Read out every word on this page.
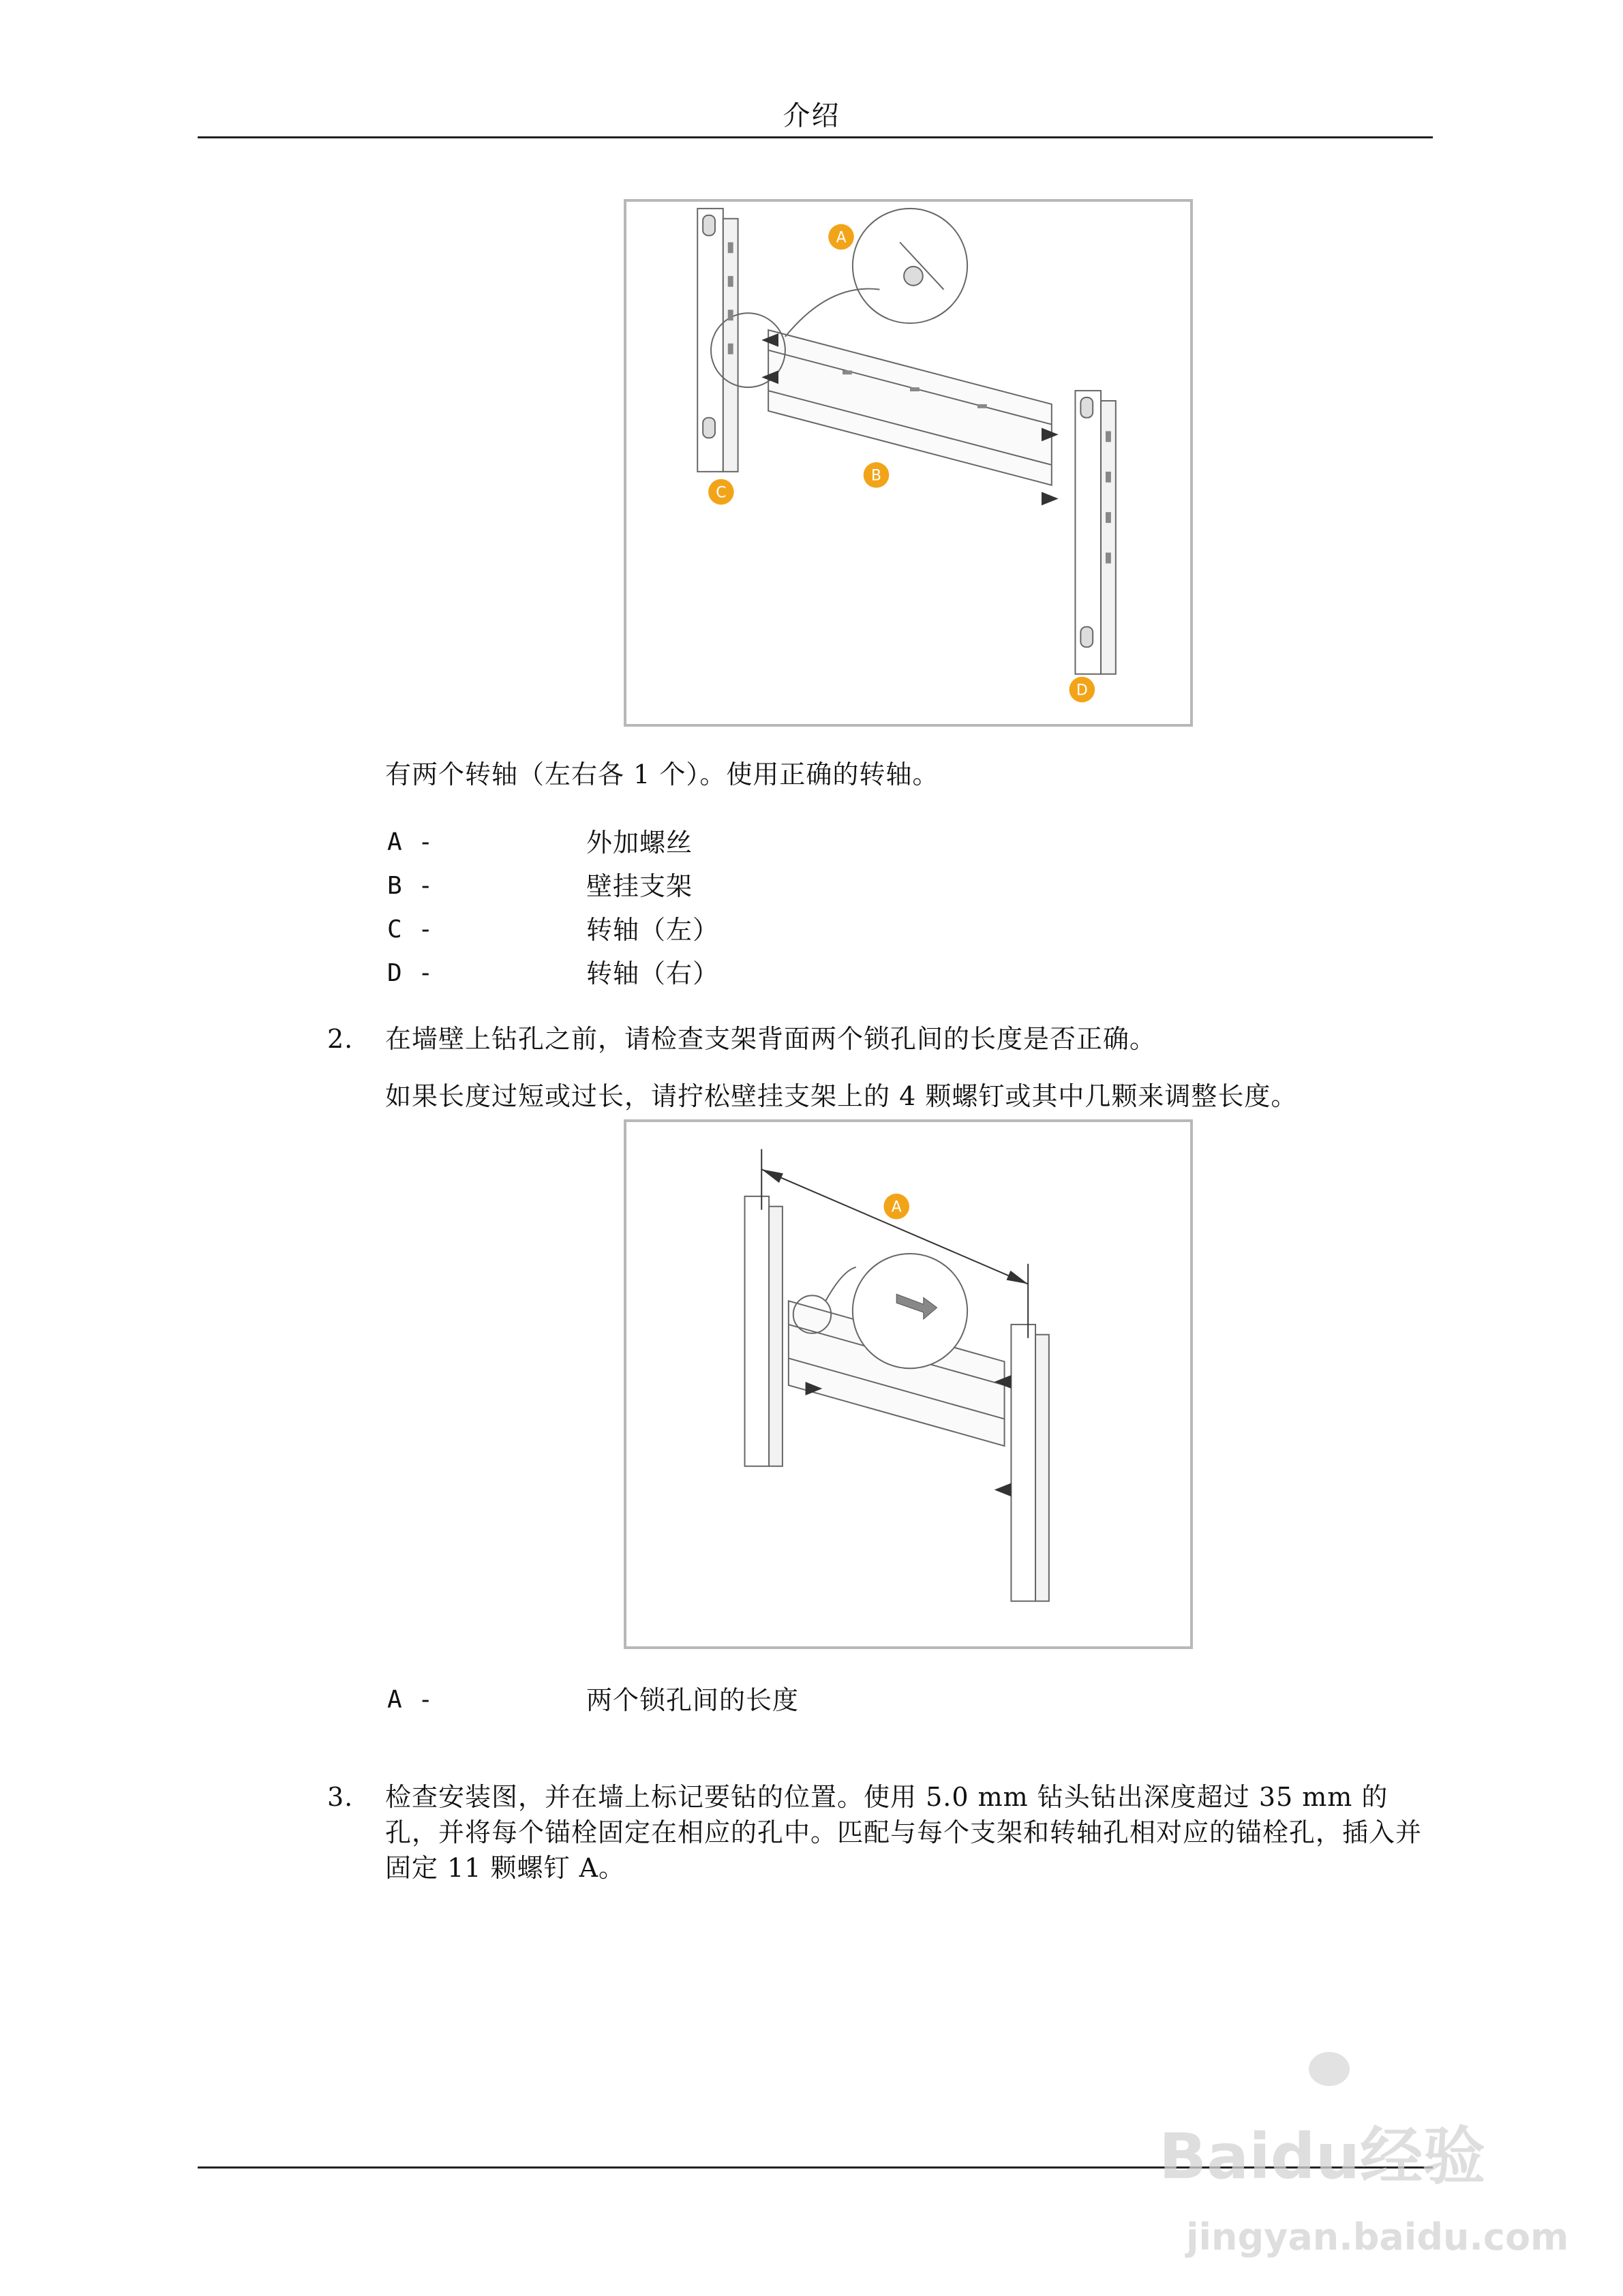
介绍
A
B
C
D
有两个转轴（左右各 1 个）。使用正确的转轴。
A -	外加螺丝
B -	壁挂支架
C -	转轴（左）
D -	转轴（右）
2. 在墙壁上钻孔之前，请检查支架背面两个锁孔间的长度是否正确。
如果长度过短或过长，请拧松壁挂支架上的 4 颗螺钉或其中几颗来调整长度。
A
A -	两个锁孔间的长度
3. 检查安装图，并在墙上标记要钻的位置。使用 5.0 mm 钻头钻出深度超过 35 mm 的孔，并将每个锚栓固定在相应的孔中。匹配与每个支架和转轴孔相对应的锚栓孔，插入并固定 11 颗螺钉 A。
Baidu经验
jingyan.baidu.com
